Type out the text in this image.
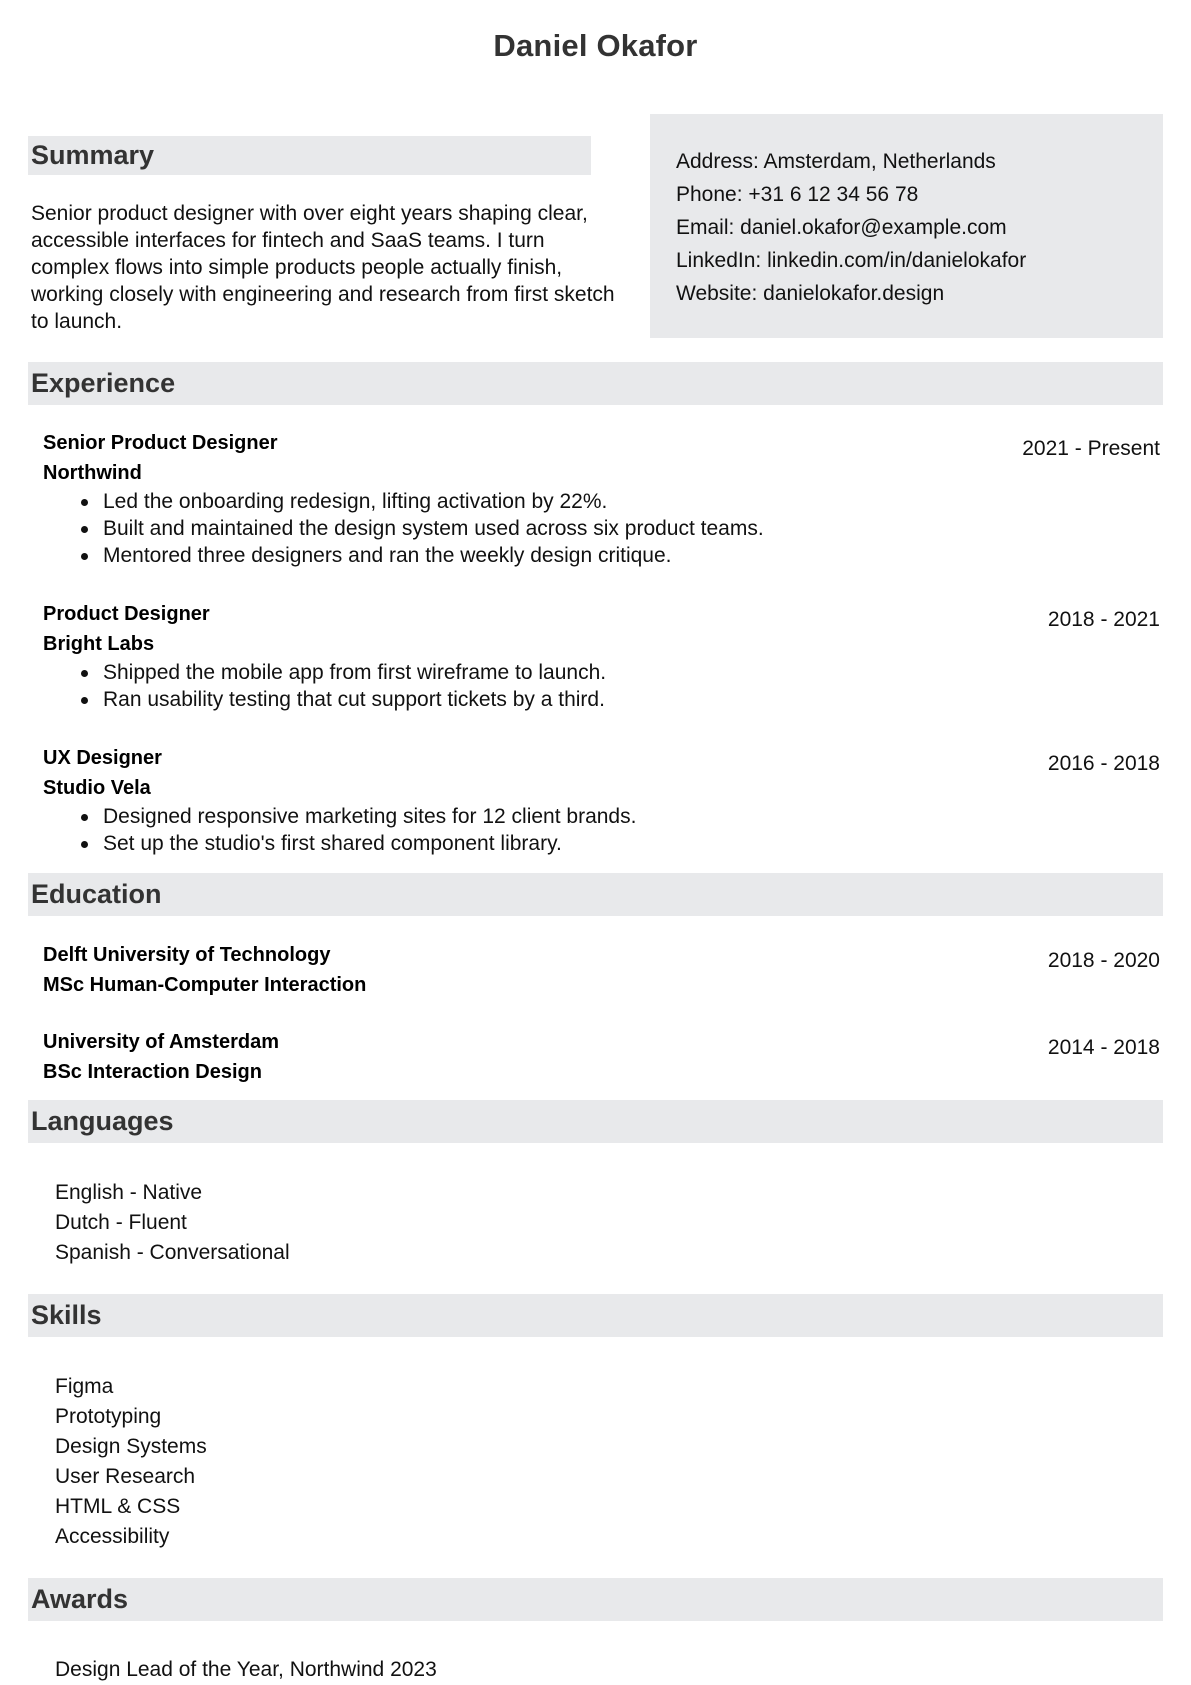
Daniel Okafor
Summary
Senior product designer with over eight years shaping clear, accessible interfaces for fintech and SaaS teams. I turn complex flows into simple products people actually finish, working closely with engineering and research from first sketch to launch.
Address: Amsterdam, Netherlands
Phone: +31 6 12 34 56 78
Email: daniel.okafor@example.com
LinkedIn: linkedin.com/in/danielokafor
Website: danielokafor.design
Experience
Senior Product Designer
Northwind
2021 - Present
Led the onboarding redesign, lifting activation by 22%.
Built and maintained the design system used across six product teams.
Mentored three designers and ran the weekly design critique.
Product Designer
Bright Labs
2018 - 2021
Shipped the mobile app from first wireframe to launch.
Ran usability testing that cut support tickets by a third.
UX Designer
Studio Vela
2016 - 2018
Designed responsive marketing sites for 12 client brands.
Set up the studio's first shared component library.
Education
Delft University of Technology
MSc Human-Computer Interaction
2018 - 2020
University of Amsterdam
BSc Interaction Design
2014 - 2018
Languages
English - Native
Dutch - Fluent
Spanish - Conversational
Skills
Figma
Prototyping
Design Systems
User Research
HTML & CSS
Accessibility
Awards
Design Lead of the Year, Northwind 2023
